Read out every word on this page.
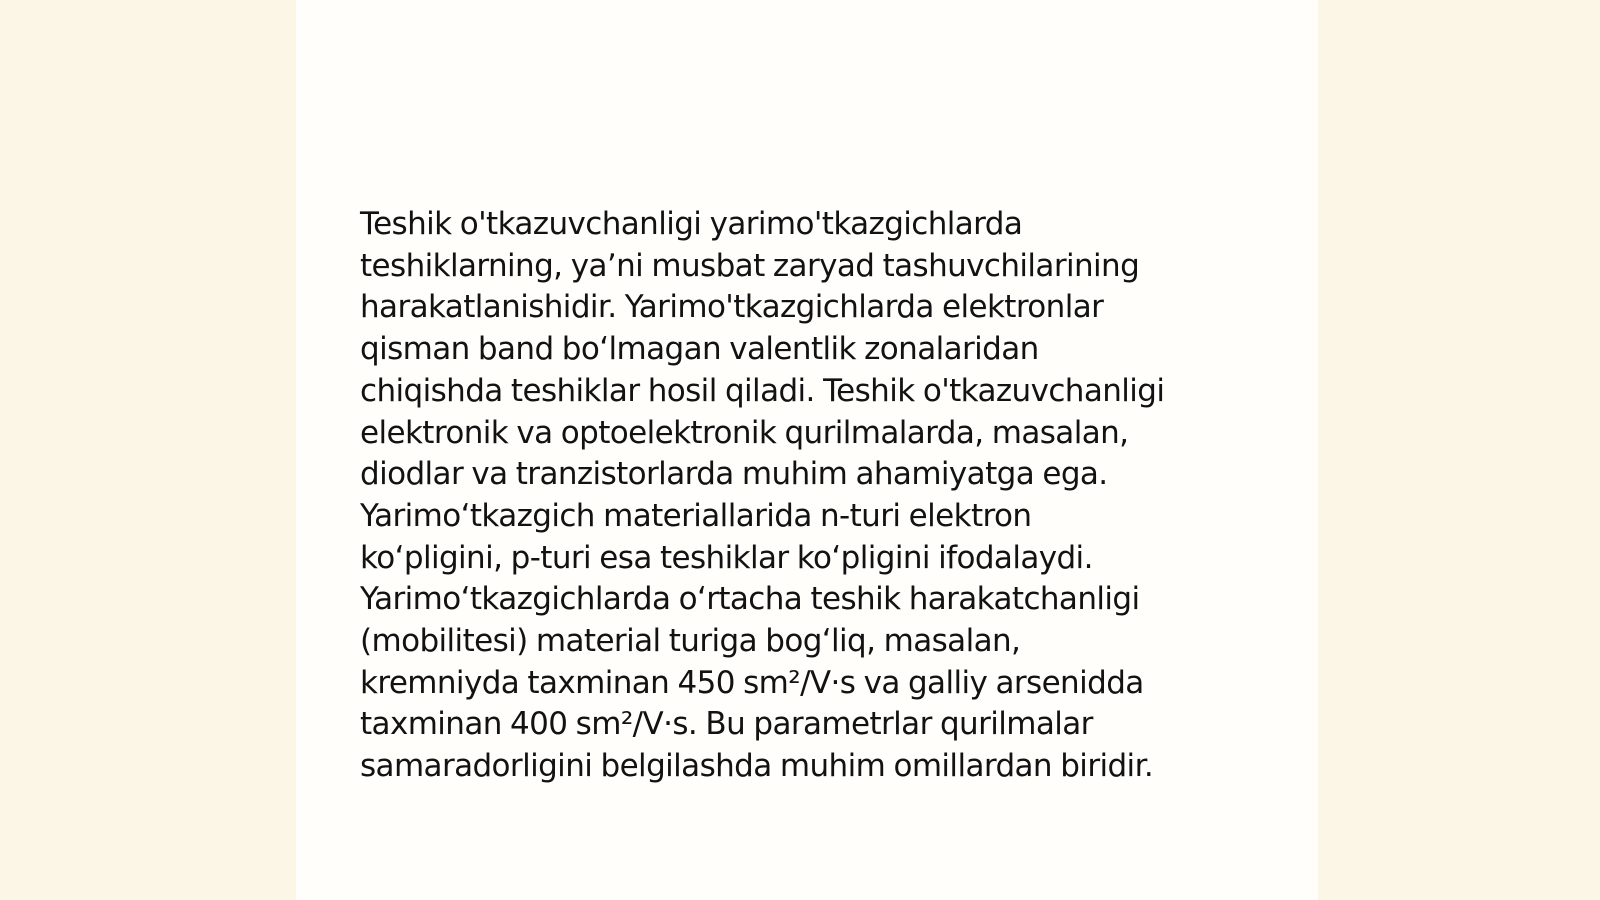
Teshik o'tkazuvchanligi yarimo'tkazgichlarda
teshiklarning, ya’ni musbat zaryad tashuvchilarining
harakatlanishidir. Yarimo'tkazgichlarda elektronlar
qisman band bo‘lmagan valentlik zonalaridan
chiqishda teshiklar hosil qiladi. Teshik o'tkazuvchanligi
elektronik va optoelektronik qurilmalarda, masalan,
diodlar va tranzistorlarda muhim ahamiyatga ega.
Yarimo‘tkazgich materiallarida n-turi elektron
ko‘pligini, p-turi esa teshiklar ko‘pligini ifodalaydi.
Yarimo‘tkazgichlarda o‘rtacha teshik harakatchanligi
(mobilitesi) material turiga bog‘liq, masalan,
kremniyda taxminan 450 sm²/V·s va galliy arsenidda
taxminan 400 sm²/V·s. Bu parametrlar qurilmalar
samaradorligini belgilashda muhim omillardan biridir.
